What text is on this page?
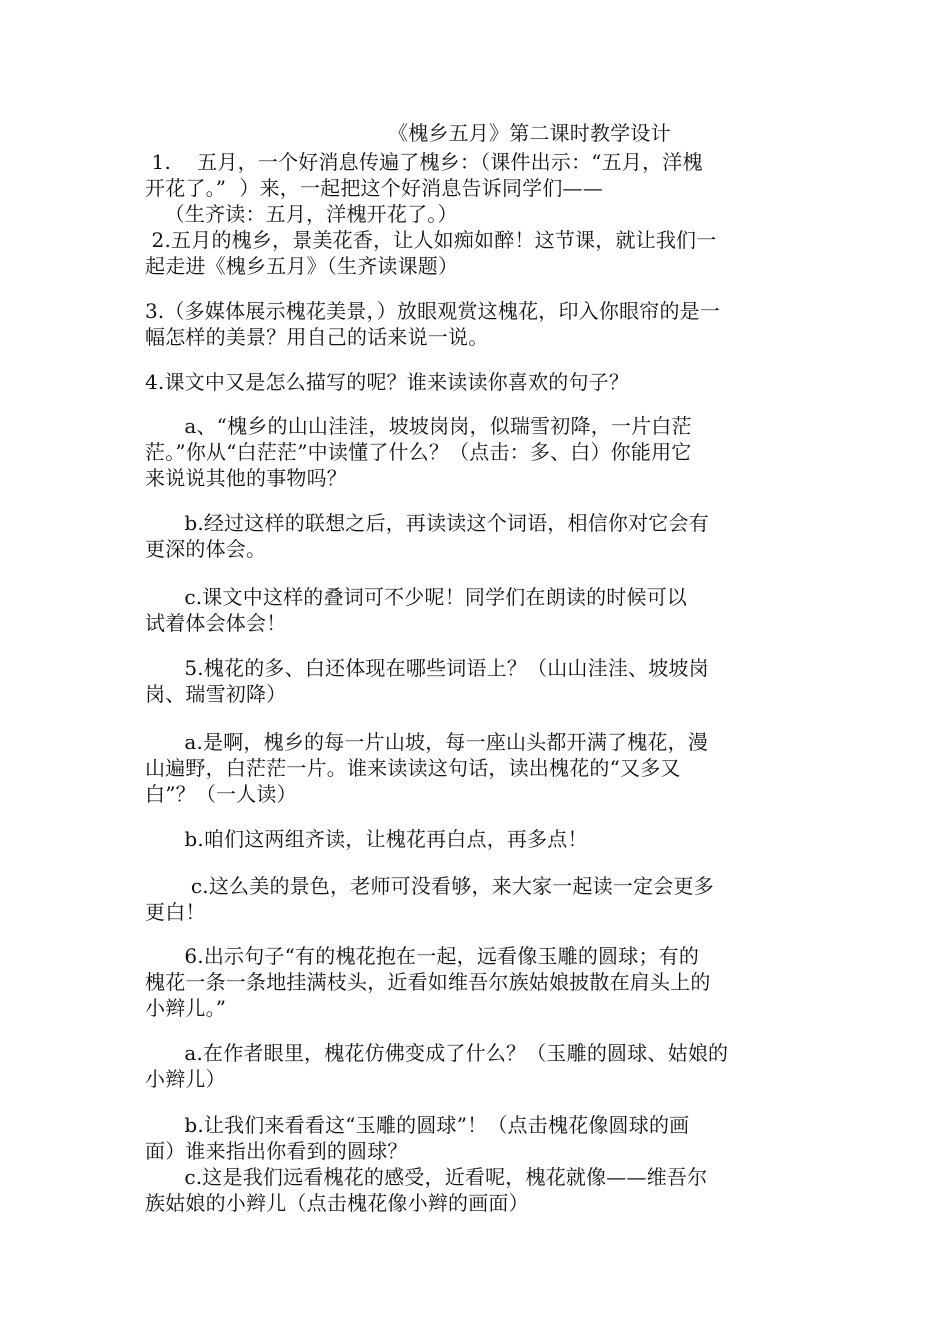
《槐乡五月》第二课时教学设计
1.    五月，一个好消息传遍了槐乡：（课件出示：“五月，洋槐
开花了。”  ）来，一起把这个好消息告诉同学们——
（生齐读：五月，洋槐开花了。）
2.五月的槐乡，景美花香，让人如痴如醉！这节课，就让我们一
起走进《槐乡五月》（生齐读课题）
3.（多媒体展示槐花美景，）放眼观赏这槐花，印入你眼帘的是一
幅怎样的美景？用自己的话来说一说。
4.课文中又是怎么描写的呢？谁来读读你喜欢的句子？
a、“槐乡的山山洼洼，坡坡岗岗，似瑞雪初降，一片白茫
茫。”你从“白茫茫”中读懂了什么？（点击：多、白）你能用它
来说说其他的事物吗？
b.经过这样的联想之后，再读读这个词语，相信你对它会有
更深的体会。
c.课文中这样的叠词可不少呢！同学们在朗读的时候可以
试着体会体会！
5.槐花的多、白还体现在哪些词语上？（山山洼洼、坡坡岗
岗、瑞雪初降）
a.是啊，槐乡的每一片山坡，每一座山头都开满了槐花，漫
山遍野，白茫茫一片。谁来读读这句话，读出槐花的“又多又
白”？（一人读）
b.咱们这两组齐读，让槐花再白点，再多点！
c.这么美的景色，老师可没看够，来大家一起读一定会更多
更白！
6.出示句子“有的槐花抱在一起，远看像玉雕的圆球；有的
槐花一条一条地挂满枝头，近看如维吾尔族姑娘披散在肩头上的
小辫儿。”
a.在作者眼里，槐花仿佛变成了什么？（玉雕的圆球、姑娘的
小辫儿）
b.让我们来看看这“玉雕的圆球”！（点击槐花像圆球的画
面）谁来指出你看到的圆球？
c.这是我们远看槐花的感受，近看呢，槐花就像——维吾尔
族姑娘的小辫儿（点击槐花像小辫的画面）
